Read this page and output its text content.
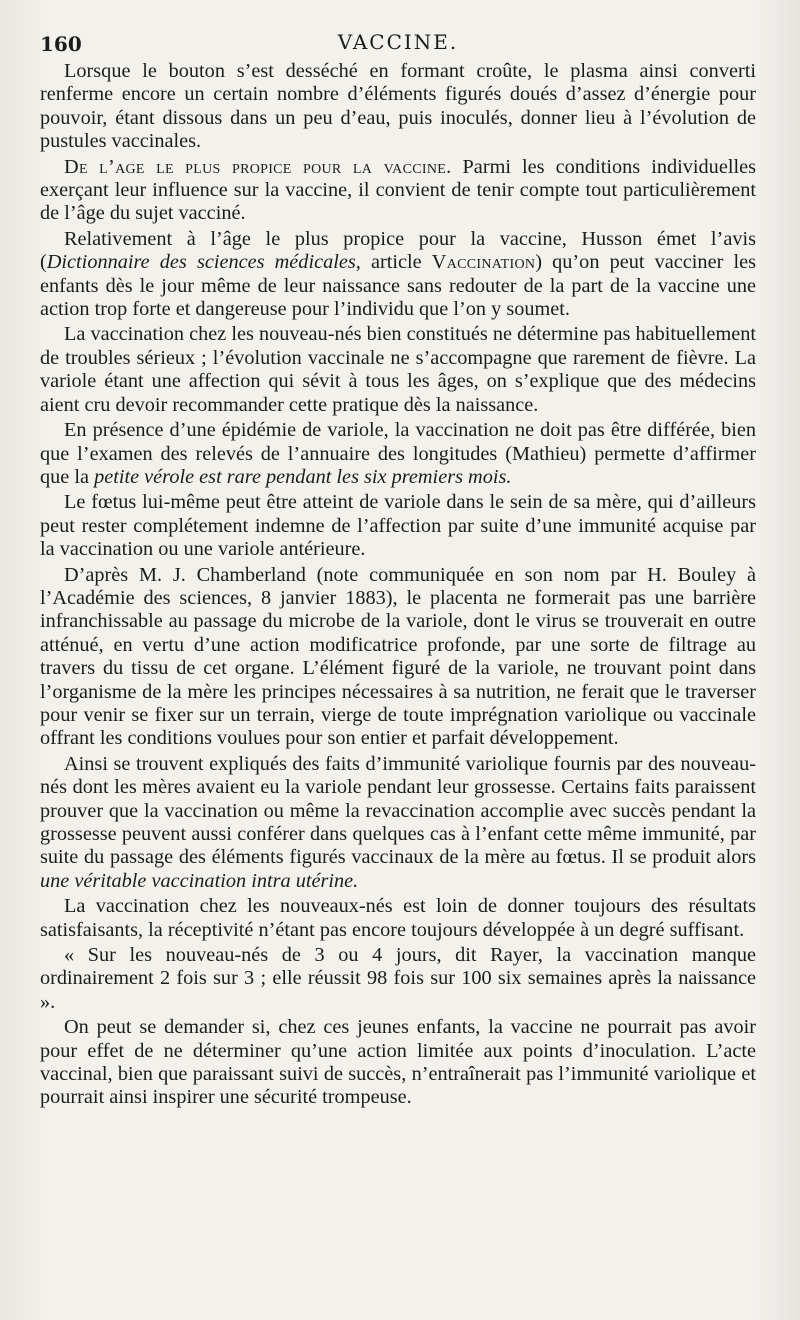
160	VACCINE.

Lorsque le bouton s’est desséché en formant croûte, le plasma ainsi converti renferme encore un certain nombre d’éléments figurés doués d’assez d’énergie pour pouvoir, étant dissous dans un peu d’eau, puis inoculés, donner lieu à l’évolution de pustules vaccinales.

De l’age le plus propice pour la vaccine. Parmi les conditions individuelles exerçant leur influence sur la vaccine, il convient de tenir compte tout particulièrement de l’âge du sujet vacciné.

Relativement à l’âge le plus propice pour la vaccine, Husson émet l’avis (Dictionnaire des sciences médicales, article Vaccination) qu’on peut vacciner les enfants dès le jour même de leur naissance sans redouter de la part de la vaccine une action trop forte et dangereuse pour l’individu que l’on y soumet.

La vaccination chez les nouveau-nés bien constitués ne détermine pas habituellement de troubles sérieux ; l’évolution vaccinale ne s’accompagne que rarement de fièvre. La variole étant une affection qui sévit à tous les âges, on s’explique que des médecins aient cru devoir recommander cette pratique dès la naissance.

En présence d’une épidémie de variole, la vaccination ne doit pas être différée, bien que l’examen des relevés de l’annuaire des longitudes (Mathieu) permette d’affirmer que la petite vérole est rare pendant les six premiers mois.

Le fœtus lui-même peut être atteint de variole dans le sein de sa mère, qui d’ailleurs peut rester complétement indemne de l’affection par suite d’une immunité acquise par la vaccination ou une variole antérieure.

D’après M. J. Chamberland (note communiquée en son nom par H. Bouley à l’Académie des sciences, 8 janvier 1883), le placenta ne formerait pas une barrière infranchissable au passage du microbe de la variole, dont le virus se trouverait en outre atténué, en vertu d’une action modificatrice profonde, par une sorte de filtrage au travers du tissu de cet organe. L’élément figuré de la variole, ne trouvant point dans l’organisme de la mère les principes nécessaires à sa nutrition, ne ferait que le traverser pour venir se fixer sur un terrain, vierge de toute imprégnation variolique ou vaccinale offrant les conditions voulues pour son entier et parfait développement.

Ainsi se trouvent expliqués des faits d’immunité variolique fournis par des nouveau-nés dont les mères avaient eu la variole pendant leur grossesse. Certains faits paraissent prouver que la vaccination ou même la revaccination accomplie avec succès pendant la grossesse peuvent aussi conférer dans quelques cas à l’enfant cette même immunité, par suite du passage des éléments figurés vaccinaux de la mère au fœtus. Il se produit alors une véritable vaccination intra utérine.

La vaccination chez les nouveaux-nés est loin de donner toujours des résultats satisfaisants, la réceptivité n’étant pas encore toujours développée à un degré suffisant.

« Sur les nouveau-nés de 3 ou 4 jours, dit Rayer, la vaccination manque ordinairement 2 fois sur 3 ; elle réussit 98 fois sur 100 six semaines après la naissance ».

On peut se demander si, chez ces jeunes enfants, la vaccine ne pourrait pas avoir pour effet de ne déterminer qu’une action limitée aux points d’inoculation. L’acte vaccinal, bien que paraissant suivi de succès, n’entraînerait pas l’immunité variolique et pourrait ainsi inspirer une sécurité trompeuse.
